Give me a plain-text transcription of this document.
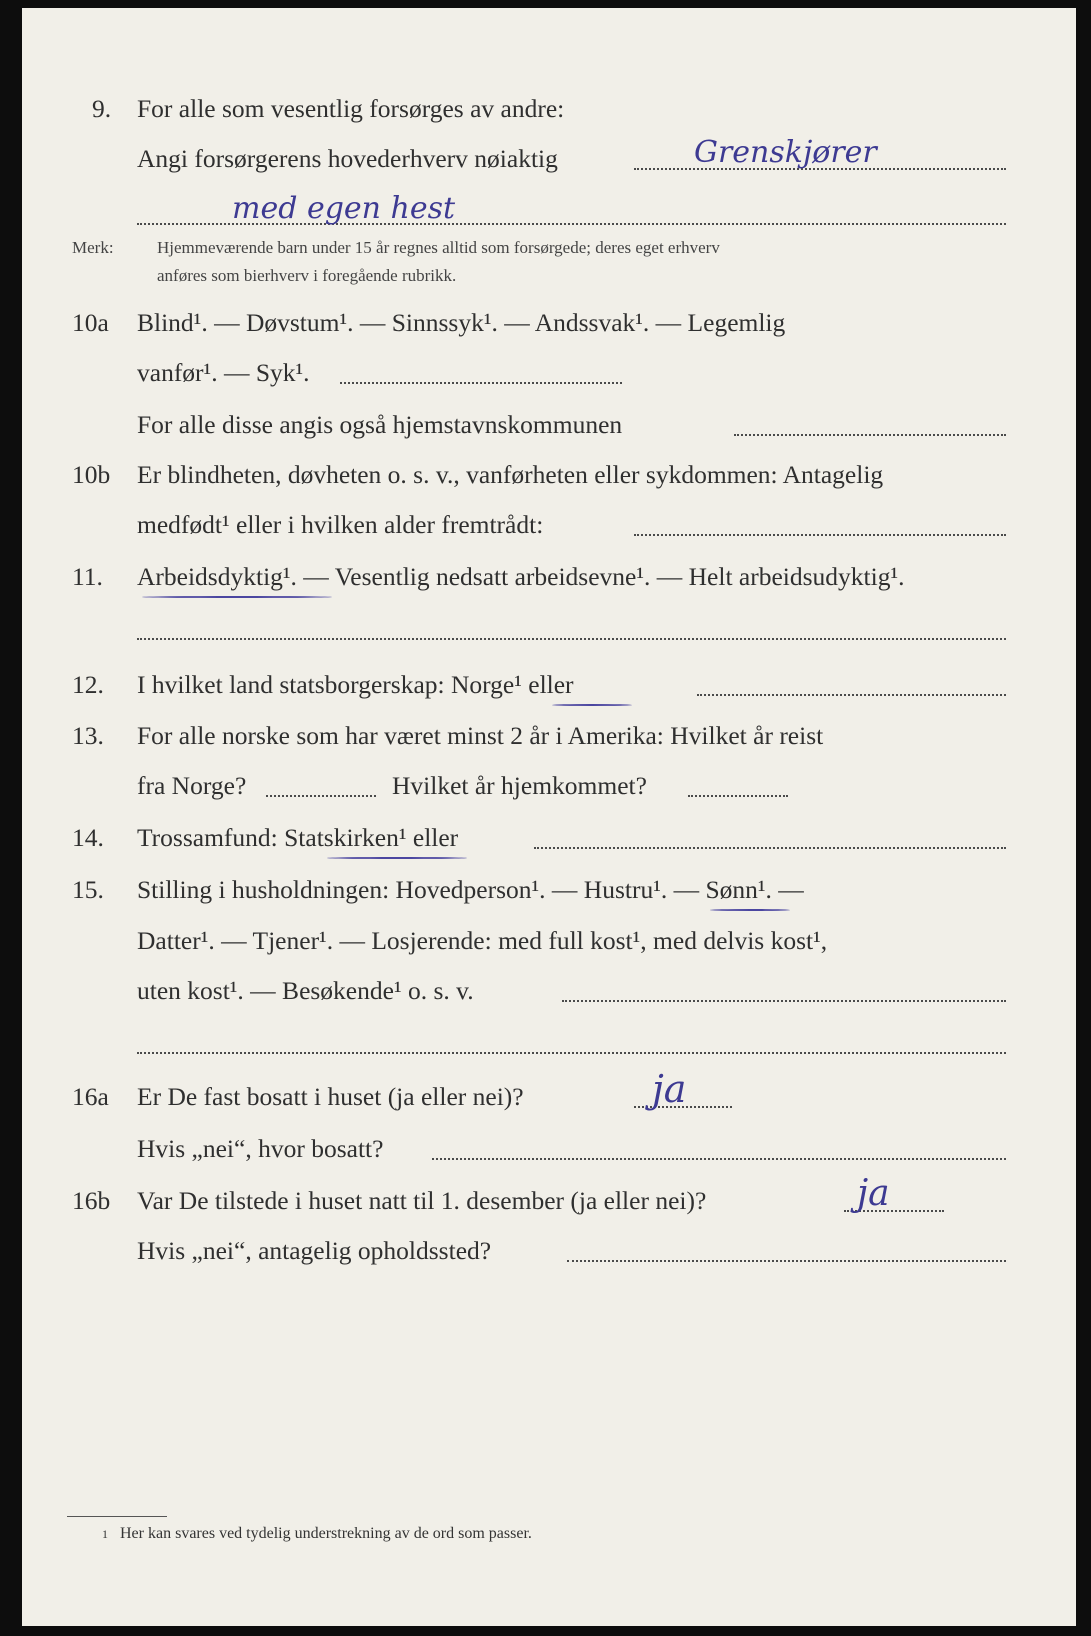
9. For alle som vesentlig forsørges av andre:
Angi forsørgerens hovederhverv nøiaktig	Grenskjører
med egen hest
Merk:	Hjemmeværende barn under 15 år regnes alltid som forsørgede; deres eget erhverv
anføres som bierhverv i foregående rubrikk.
10a Blind¹. — Døvstum¹. — Sinnssyk¹. — Andssvak¹. — Legemlig
vanfør¹. — Syk¹.
For alle disse angis også hjemstavnskommunen
10b Er blindheten, døvheten o. s. v., vanførheten eller sykdommen: Antagelig
medfødt¹ eller i hvilken alder fremtrådt:
11. Arbeidsdyktig¹. — Vesentlig nedsatt arbeidsevne¹. — Helt arbeidsudyktig¹.
12. I hvilket land statsborgerskap: Norge¹ eller
13. For alle norske som har været minst 2 år i Amerika: Hvilket år reist
fra Norge?	Hvilket år hjemkommet?
14. Trossamfund: Statskirken¹ eller
15. Stilling i husholdningen: Hovedperson¹. — Hustru¹. — Sønn¹. —
Datter¹. — Tjener¹. — Losjerende: med full kost¹, med delvis kost¹,
uten kost¹. — Besøkende¹ o. s. v.
16a Er De fast bosatt i huset (ja eller nei)?	ja
Hvis „nei“, hvor bosatt?
16b Var De tilstede i huset natt til 1. desember (ja eller nei)?	ja
Hvis „nei“, antagelig opholdssted?
1 Her kan svares ved tydelig understrekning av de ord som passer.
